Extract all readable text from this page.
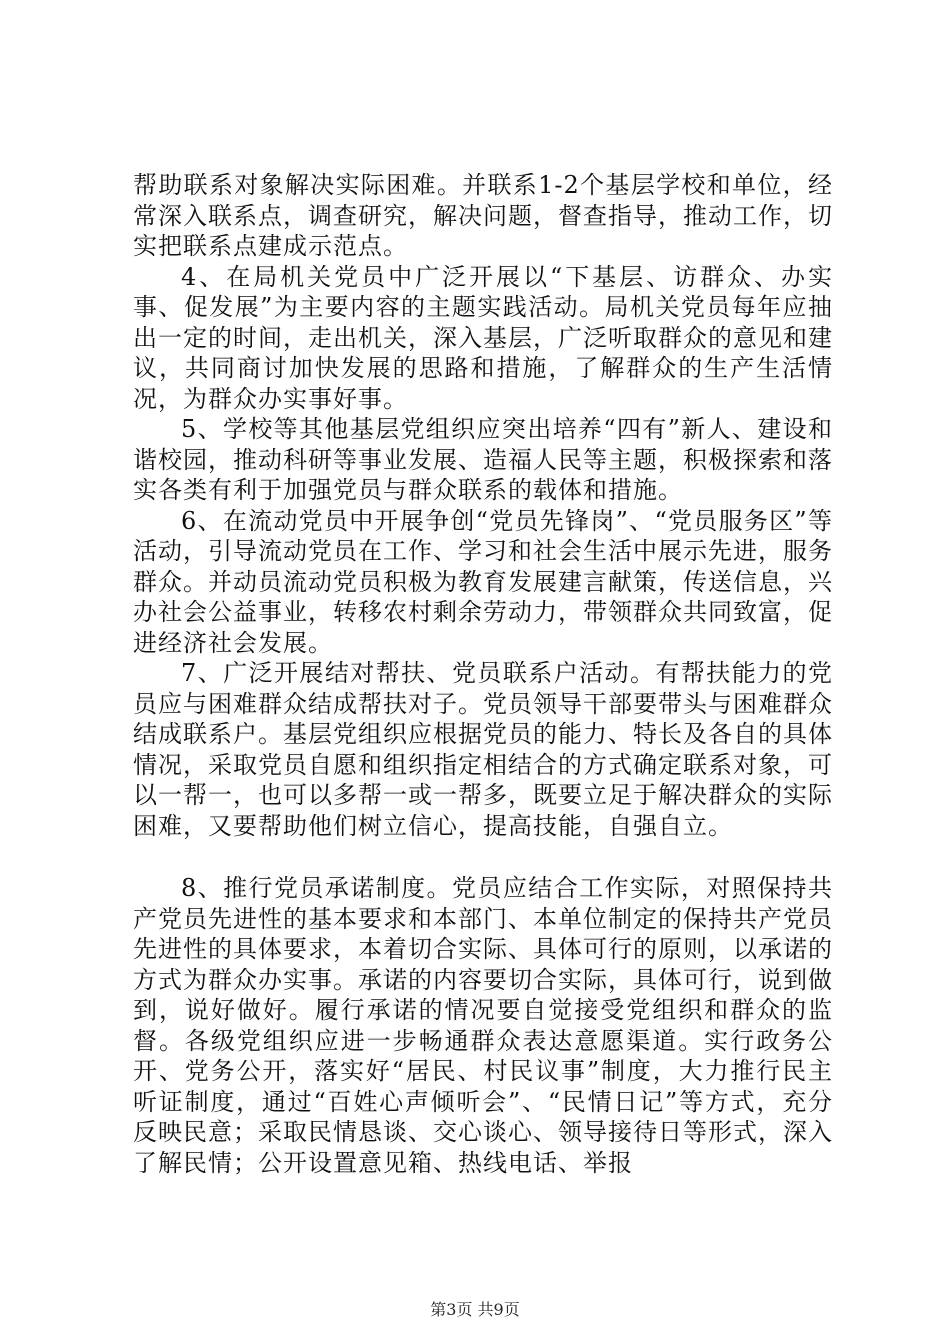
帮助联系对象解决实际困难。并联系1-2个基层学校和单位，经常深入联系点，调查研究，解决问题，督查指导，推动工作，切实把联系点建成示范点。

4、在局机关党员中广泛开展以“下基层、访群众、办实事、促发展”为主要内容的主题实践活动。局机关党员每年应抽出一定的时间，走出机关，深入基层，广泛听取群众的意见和建议，共同商讨加快发展的思路和措施，了解群众的生产生活情况，为群众办实事好事。

5、学校等其他基层党组织应突出培养“四有”新人、建设和谐校园，推动科研等事业发展、造福人民等主题，积极探索和落实各类有利于加强党员与群众联系的载体和措施。

6、在流动党员中开展争创“党员先锋岗”、“党员服务区”等活动，引导流动党员在工作、学习和社会生活中展示先进，服务群众。并动员流动党员积极为教育发展建言献策，传送信息，兴办社会公益事业，转移农村剩余劳动力，带领群众共同致富，促进经济社会发展。

7、广泛开展结对帮扶、党员联系户活动。有帮扶能力的党员应与困难群众结成帮扶对子。党员领导干部要带头与困难群众结成联系户。基层党组织应根据党员的能力、特长及各自的具体情况，采取党员自愿和组织指定相结合的方式确定联系对象，可以一帮一，也可以多帮一或一帮多，既要立足于解决群众的实际困难，又要帮助他们树立信心，提高技能，自强自立。

8、推行党员承诺制度。党员应结合工作实际，对照保持共产党员先进性的基本要求和本部门、本单位制定的保持共产党员先进性的具体要求，本着切合实际、具体可行的原则，以承诺的方式为群众办实事。承诺的内容要切合实际，具体可行，说到做到，说好做好。履行承诺的情况要自觉接受党组织和群众的监督。各级党组织应进一步畅通群众表达意愿渠道。实行政务公开、党务公开，落实好“居民、村民议事”制度，大力推行民主听证制度，通过“百姓心声倾听会”、“民情日记”等方式，充分反映民意；采取民情恳谈、交心谈心、领导接待日等形式，深入了解民情；公开设置意见箱、热线电话、举报

第3页 共9页
